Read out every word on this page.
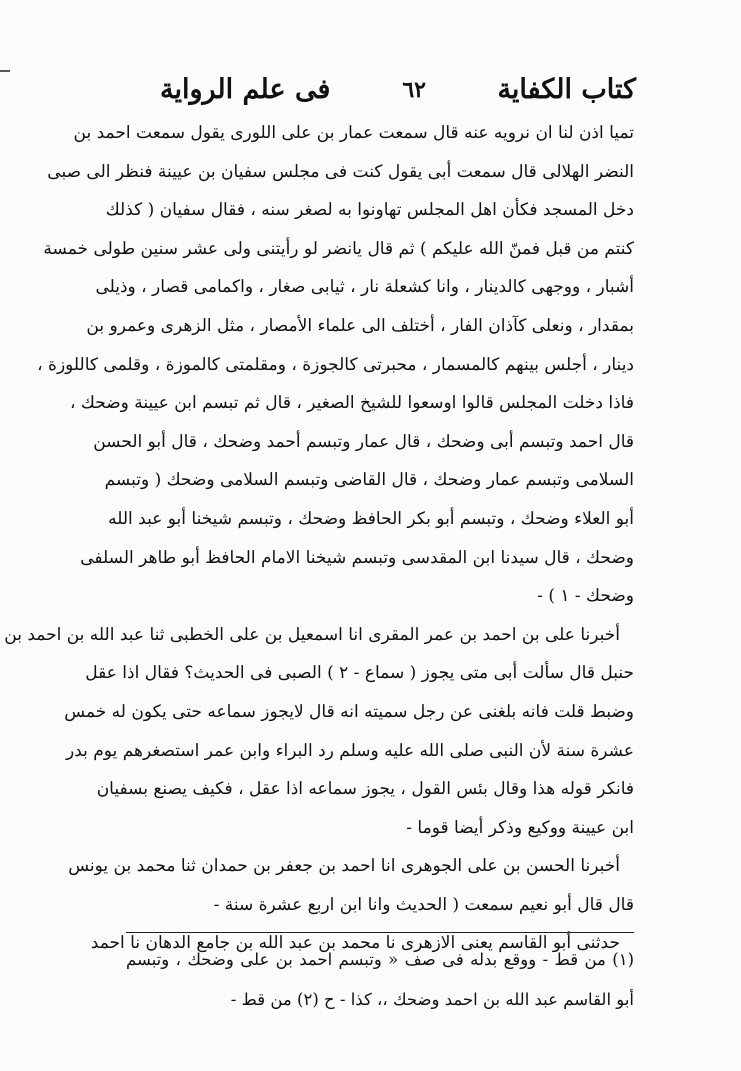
كتاب الكفاية
٦٢
فى علم الرواية
تميا اذن لنا ان نرويه عنه قال سمعت عمار بن على اللورى يقول سمعت احمد بن
النضر الهلالى قال سمعت أبى يقول كنت فى مجلس سفيان بن عيينة فنظر الى صبى
دخل المسجد فكأن اهل المجلس تهاونوا به لصغر سنه ، فقال سفيان ( كذلك
كنتم من قبل فمنّ الله عليكم ) ثم قال يانضر لو رأيتنى ولى عشر سنين طولى خمسة
أشبار ، ووجهى كالدينار ، وانا كشعلة نار ، ثيابى صغار ، واكمامى قصار ، وذيلى
بمقدار ، ونعلى كآذان الفار ، أختلف الى علماء الأمصار ، مثل الزهرى وعمرو بن
دينار ، أجلس بينهم كالمسمار ، محبرتى كالجوزة ، ومقلمتى كالموزة ، وقلمى كاللوزة ،
فاذا دخلت المجلس قالوا اوسعوا للشيخ الصغير ، قال ثم تبسم ابن عيينة وضحك ،
قال احمد وتبسم أبى وضحك ، قال عمار وتبسم أحمد وضحك ، قال أبو الحسن
السلامى وتبسم عمار وضحك ، قال القاضى وتبسم السلامى وضحك ( وتبسم
أبو العلاء وضحك ، وتبسم أبو بكر الحافظ وضحك ، وتبسم شيخنا أبو عبد الله
وضحك ، قال سيدنا ابن المقدسى وتبسم شيخنا الامام الحافظ أبو طاهر السلفى
وضحك - ١ ) -
أخبرنا على بن احمد بن عمر المقرى انا اسمعيل بن على الخطبى ثنا عبد الله بن احمد بن
حنبل قال سألت أبى متى يجوز ( سماع - ٢ ) الصبى فى الحديث؟ فقال اذا عقل
وضبط قلت فانه بلغنى عن رجل سميته انه قال لايجوز سماعه حتى يكون له خمس
عشرة سنة لأن النبى صلى الله عليه وسلم رد البراء وابن عمر استصغرهم يوم بدر
فانكر قوله هذا وقال بئس القول ، يجوز سماعه اذا عقل ، فكيف يصنع بسفيان
ابن عيينة ووكيع وذكر أيضا قوما -
أخبرنا الحسن بن على الجوهرى انا احمد بن جعفر بن حمدان ثنا محمد بن يونس
قال قال أبو نعيم سمعت ( الحديث وانا ابن اربع عشرة سنة -
حدثنى أبو القاسم يعنى الازهرى نا محمد بن عبد الله بن جامع الدهان نا احمد
(١) من قط - ووقع بدله فى صف « وتبسم احمد بن على وضحك ، وتبسم
أبو القاسم عبد الله بن احمد وضحك ،، كذا - ح (٢) من قط -
